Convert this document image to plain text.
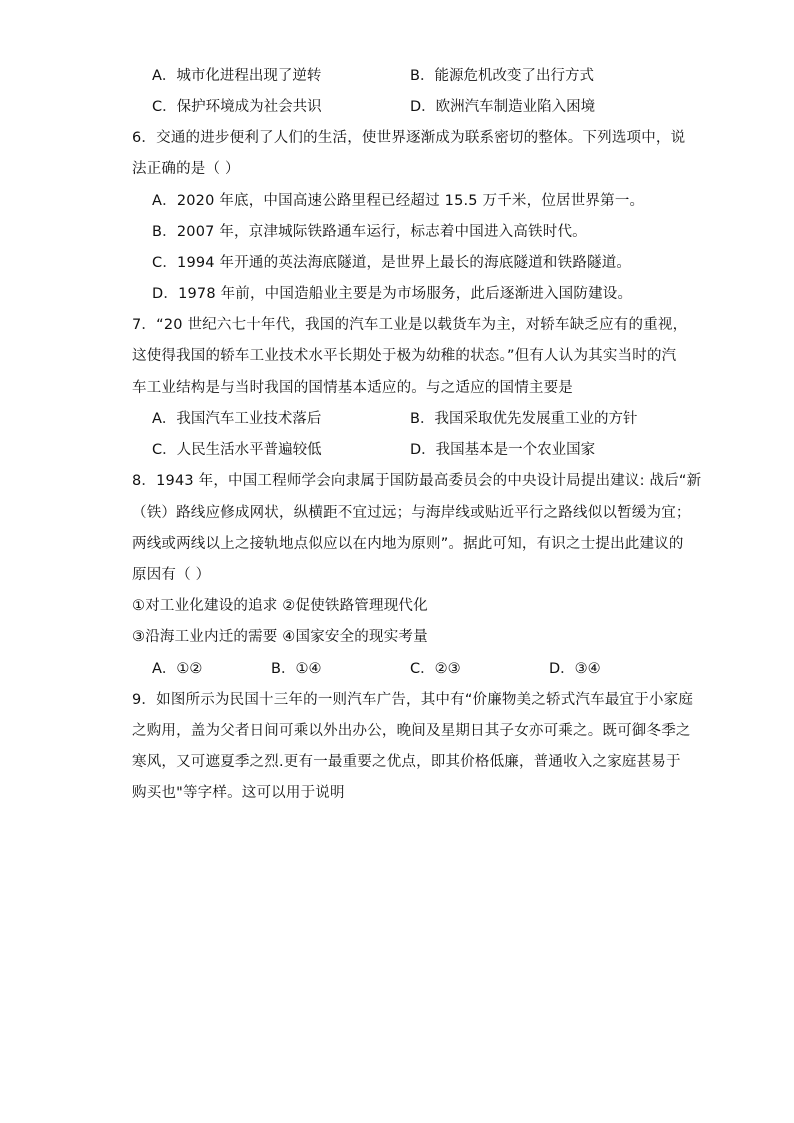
A．城市化进程出现了逆转	B．能源危机改变了出行方式
C．保护环境成为社会共识	D．欧洲汽车制造业陷入困境
6．交通的进步便利了人们的生活，使世界逐渐成为联系密切的整体。下列选项中，说
法正确的是（ ）
A．2020 年底，中国高速公路里程已经超过 15.5 万千米，位居世界第一。
B．2007 年，京津城际铁路通车运行，标志着中国进入高铁时代。
C．1994 年开通的英法海底隧道，是世界上最长的海底隧道和铁路隧道。
D．1978 年前，中国造船业主要是为市场服务，此后逐渐进入国防建设。
7．“20 世纪六七十年代，我国的汽车工业是以载货车为主，对轿车缺乏应有的重视，
这使得我国的轿车工业技术水平长期处于极为幼稚的状态。”但有人认为其实当时的汽
车工业结构是与当时我国的国情基本适应的。与之适应的国情主要是
A．我国汽车工业技术落后	B．我国采取优先发展重工业的方针
C．人民生活水平普遍较低	D．我国基本是一个农业国家
8．1943 年，中国工程师学会向隶属于国防最高委员会的中央设计局提出建议: 战后“新
（铁）路线应修成网状，纵横距不宜过远；与海岸线或贴近平行之路线似以暂缓为宜；
两线或两线以上之接轨地点似应以在内地为原则”。据此可知，有识之士提出此建议的
原因有（ ）
①对工业化建设的追求 ②促使铁路管理现代化
③沿海工业内迁的需要 ④国家安全的现实考量
A．①②	B．①④	C．②③	D．③④
9．如图所示为民国十三年的一则汽车广告，其中有“价廉物美之轿式汽车最宜于小家庭
之购用，盖为父者日间可乘以外出办公，晚间及星期日其子女亦可乘之。既可御冬季之
寒风，又可遮夏季之烈.更有一最重要之优点，即其价格低廉，普通收入之家庭甚易于
购买也"等字样。这可以用于说明
